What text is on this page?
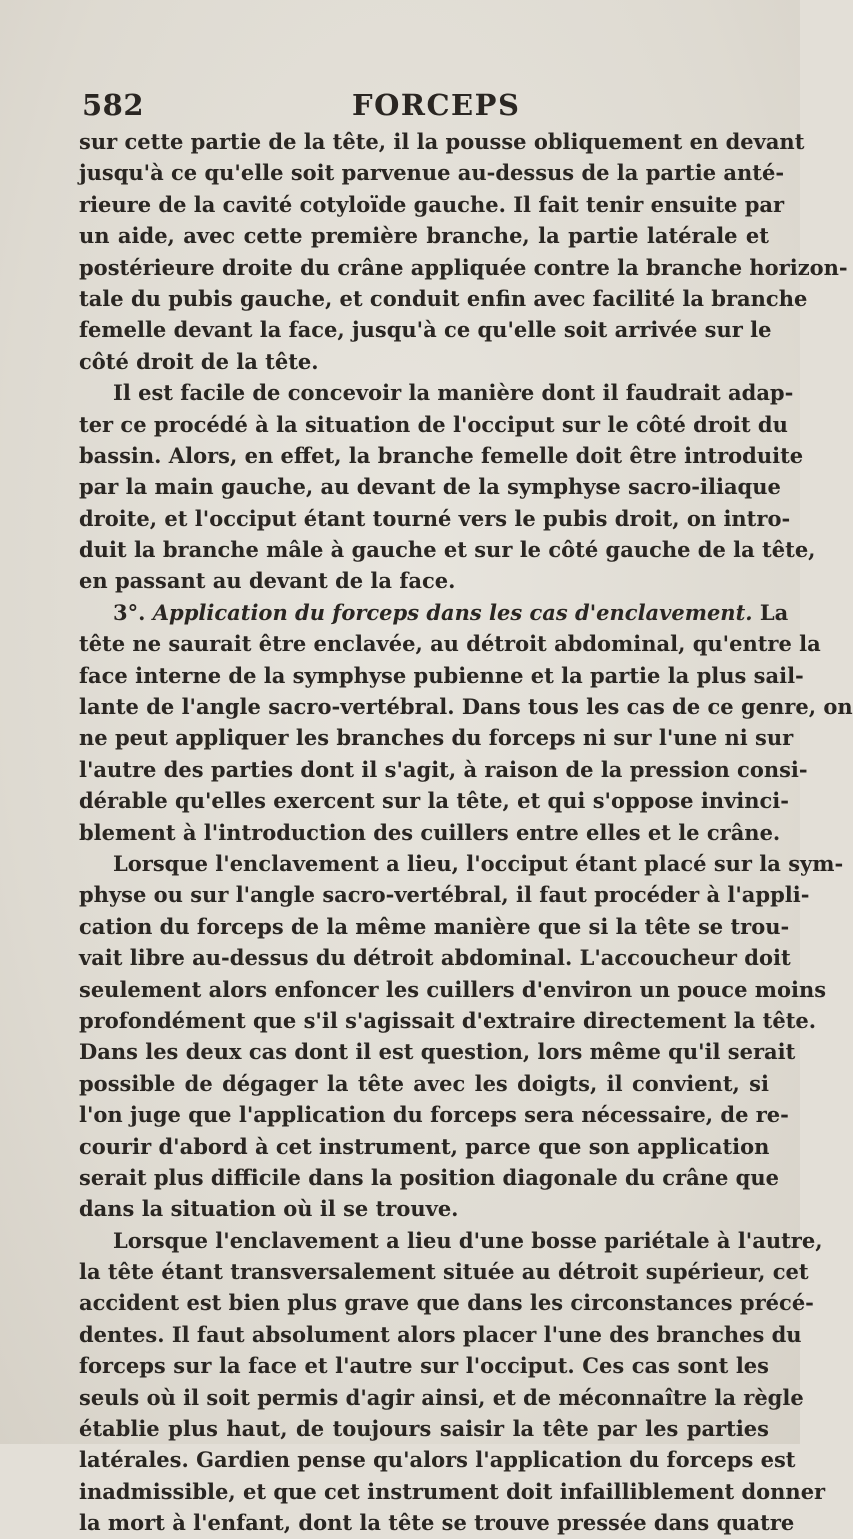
582	FORCEPS
sur cette partie de la tête, il la pousse obliquement en devant
jusqu'à ce qu'elle soit parvenue au-dessus de la partie anté-
rieure de la cavité cotyloïde gauche. Il fait tenir ensuite par
un aide, avec cette première branche, la partie latérale et
postérieure droite du crâne appliquée contre la branche horizon-
tale du pubis gauche, et conduit enfin avec facilité la branche
femelle devant la face, jusqu'à ce qu'elle soit arrivée sur le
côté droit de la tête.
Il est facile de concevoir la manière dont il faudrait adap-
ter ce procédé à la situation de l'occiput sur le côté droit du
bassin. Alors, en effet, la branche femelle doit être introduite
par la main gauche, au devant de la symphyse sacro-iliaque
droite, et l'occiput étant tourné vers le pubis droit, on intro-
duit la branche mâle à gauche et sur le côté gauche de la tête,
en passant au devant de la face.
3°. Application du forceps dans les cas d'enclavement. La
tête ne saurait être enclavée, au détroit abdominal, qu'entre la
face interne de la symphyse pubienne et la partie la plus sail-
lante de l'angle sacro-vertébral. Dans tous les cas de ce genre, on
ne peut appliquer les branches du forceps ni sur l'une ni sur
l'autre des parties dont il s'agit, à raison de la pression consi-
dérable qu'elles exercent sur la tête, et qui s'oppose invinci-
blement à l'introduction des cuillers entre elles et le crâne.
Lorsque l'enclavement a lieu, l'occiput étant placé sur la sym-
physe ou sur l'angle sacro-vertébral, il faut procéder à l'appli-
cation du forceps de la même manière que si la tête se trou-
vait libre au-dessus du détroit abdominal. L'accoucheur doit
seulement alors enfoncer les cuillers d'environ un pouce moins
profondément que s'il s'agissait d'extraire directement la tête.
Dans les deux cas dont il est question, lors même qu'il serait
possible de dégager la tête avec les doigts, il convient, si
l'on juge que l'application du forceps sera nécessaire, de re-
courir d'abord à cet instrument, parce que son application
serait plus difficile dans la position diagonale du crâne que
dans la situation où il se trouve.
Lorsque l'enclavement a lieu d'une bosse pariétale à l'autre,
la tête étant transversalement située au détroit supérieur, cet
accident est bien plus grave que dans les circonstances précé-
dentes. Il faut absolument alors placer l'une des branches du
forceps sur la face et l'autre sur l'occiput. Ces cas sont les
seuls où il soit permis d'agir ainsi, et de méconnaître la règle
établie plus haut, de toujours saisir la tête par les parties
latérales. Gardien pense qu'alors l'application du forceps est
inadmissible, et que cet instrument doit infailliblement donner
la mort à l'enfant, dont la tête se trouve pressée dans quatre
